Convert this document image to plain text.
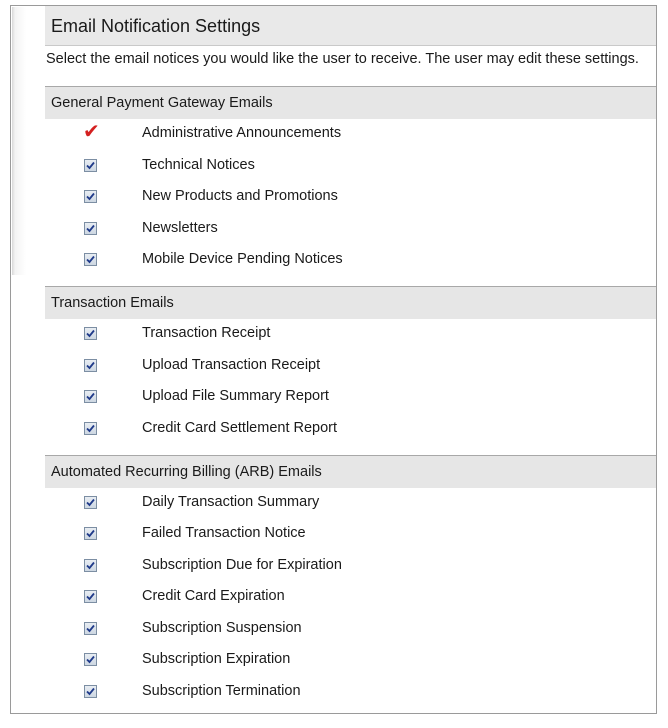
Email Notification Settings
Select the email notices you would like the user to receive. The user may edit these settings.
General Payment Gateway Emails
✔	Administrative Announcements
Technical Notices
New Products and Promotions
Newsletters
Mobile Device Pending Notices
Transaction Emails
Transaction Receipt
Upload Transaction Receipt
Upload File Summary Report
Credit Card Settlement Report
Automated Recurring Billing (ARB) Emails
Daily Transaction Summary
Failed Transaction Notice
Subscription Due for Expiration
Credit Card Expiration
Subscription Suspension
Subscription Expiration
Subscription Termination
